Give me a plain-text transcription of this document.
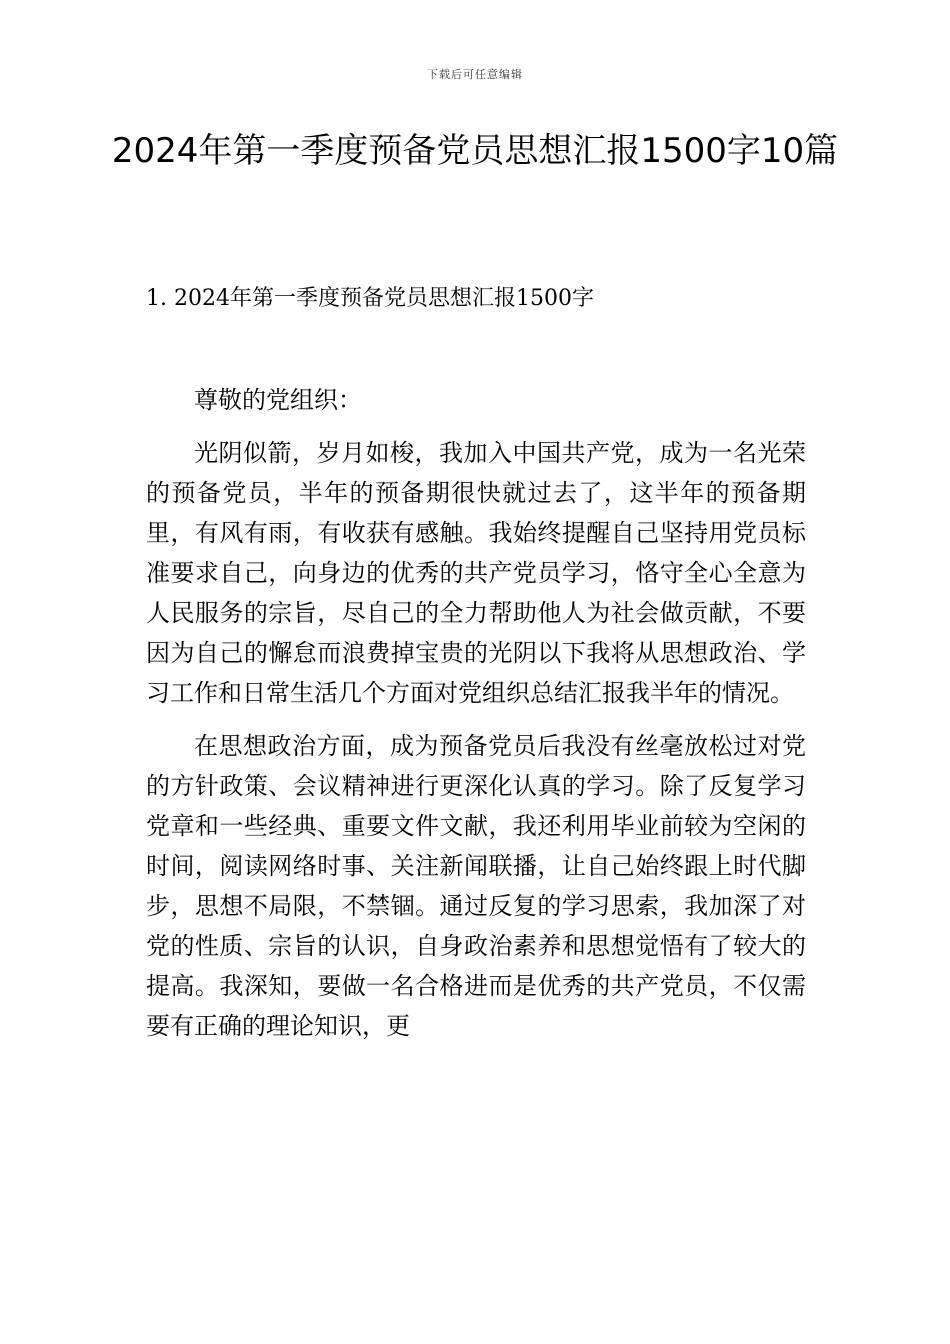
下载后可任意编辑
2024年第一季度预备党员思想汇报1500字10篇
1. 2024年第一季度预备党员思想汇报1500字

尊敬的党组织：

光阴似箭，岁月如梭，我加入中国共产党，成为一名光荣的预备党员，半年的预备期很快就过去了，这半年的预备期里，有风有雨，有收获有感触。我始终提醒自己坚持用党员标准要求自己，向身边的优秀的共产党员学习，恪守全心全意为人民服务的宗旨，尽自己的全力帮助他人为社会做贡献，不要因为自己的懈怠而浪费掉宝贵的光阴以下我将从思想政治、学习工作和日常生活几个方面对党组织总结汇报我半年的情况。

在思想政治方面，成为预备党员后我没有丝毫放松过对党的方针政策、会议精神进行更深化认真的学习。除了反复学习党章和一些经典、重要文件文献，我还利用毕业前较为空闲的时间，阅读网络时事、关注新闻联播，让自己始终跟上时代脚步，思想不局限，不禁锢。通过反复的学习思索，我加深了对党的性质、宗旨的认识，自身政治素养和思想觉悟有了较大的提高。我深知，要做一名合格进而是优秀的共产党员，不仅需要有正确的理论知识，更
